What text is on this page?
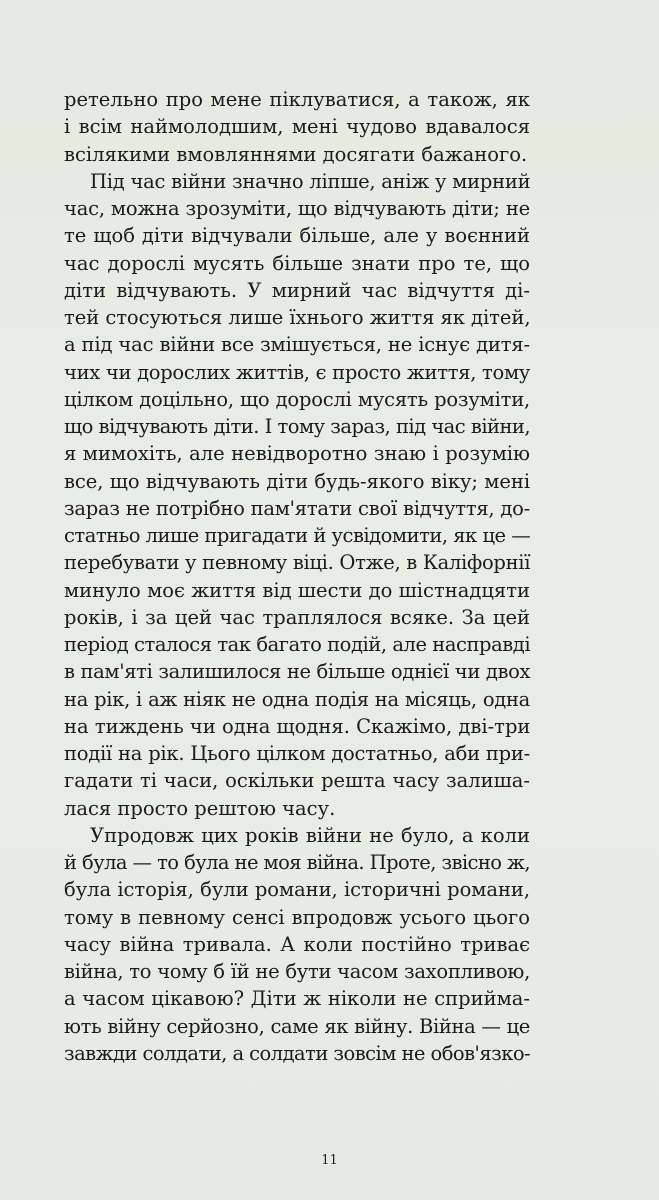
ретельно про мене піклуватися, а також, як
і всім наймолодшим, мені чудово вдавалося
всілякими вмовляннями досягати бажаного.
Під час війни значно ліпше, аніж у мирний
час, можна зрозуміти, що відчувають діти; не
те щоб діти відчували більше, але у воєнний
час дорослі мусять більше знати про те, що
діти відчувають. У мирний час відчуття ді-
тей стосуються лише їхнього життя як дітей,
а під час війни все змішується, не існує дитя-
чих чи дорослих життів, є просто життя, тому
цілком доцільно, що дорослі мусять розуміти,
що відчувають діти. І тому зараз, під час війни,
я мимохіть, але невідворотно знаю і розумію
все, що відчувають діти будь-якого віку; мені
зараз не потрібно пам'ятати свої відчуття, до-
статньо лише пригадати й усвідомити, як це —
перебувати у певному віці. Отже, в Каліфорнії
минуло моє життя від шести до шістнадцяти
років, і за цей час траплялося всяке. За цей
період сталося так багато подій, але насправді
в пам'яті залишилося не більше однієї чи двох
на рік, і аж ніяк не одна подія на місяць, одна
на тиждень чи одна щодня. Скажімо, дві-три
події на рік. Цього цілком достатньо, аби при-
гадати ті часи, оскільки решта часу залиша-
лася просто рештою часу.
Упродовж цих років війни не було, а коли
й була — то була не моя війна. Проте, звісно ж,
була історія, були романи, історичні романи,
тому в певному сенсі впродовж усього цього
часу війна тривала. А коли постійно триває
війна, то чому б їй не бути часом захопливою,
а часом цікавою? Діти ж ніколи не сприйма-
ють війну серйозно, саме як війну. Війна — це
завжди солдати, а солдати зовсім не обов'язко-
11
